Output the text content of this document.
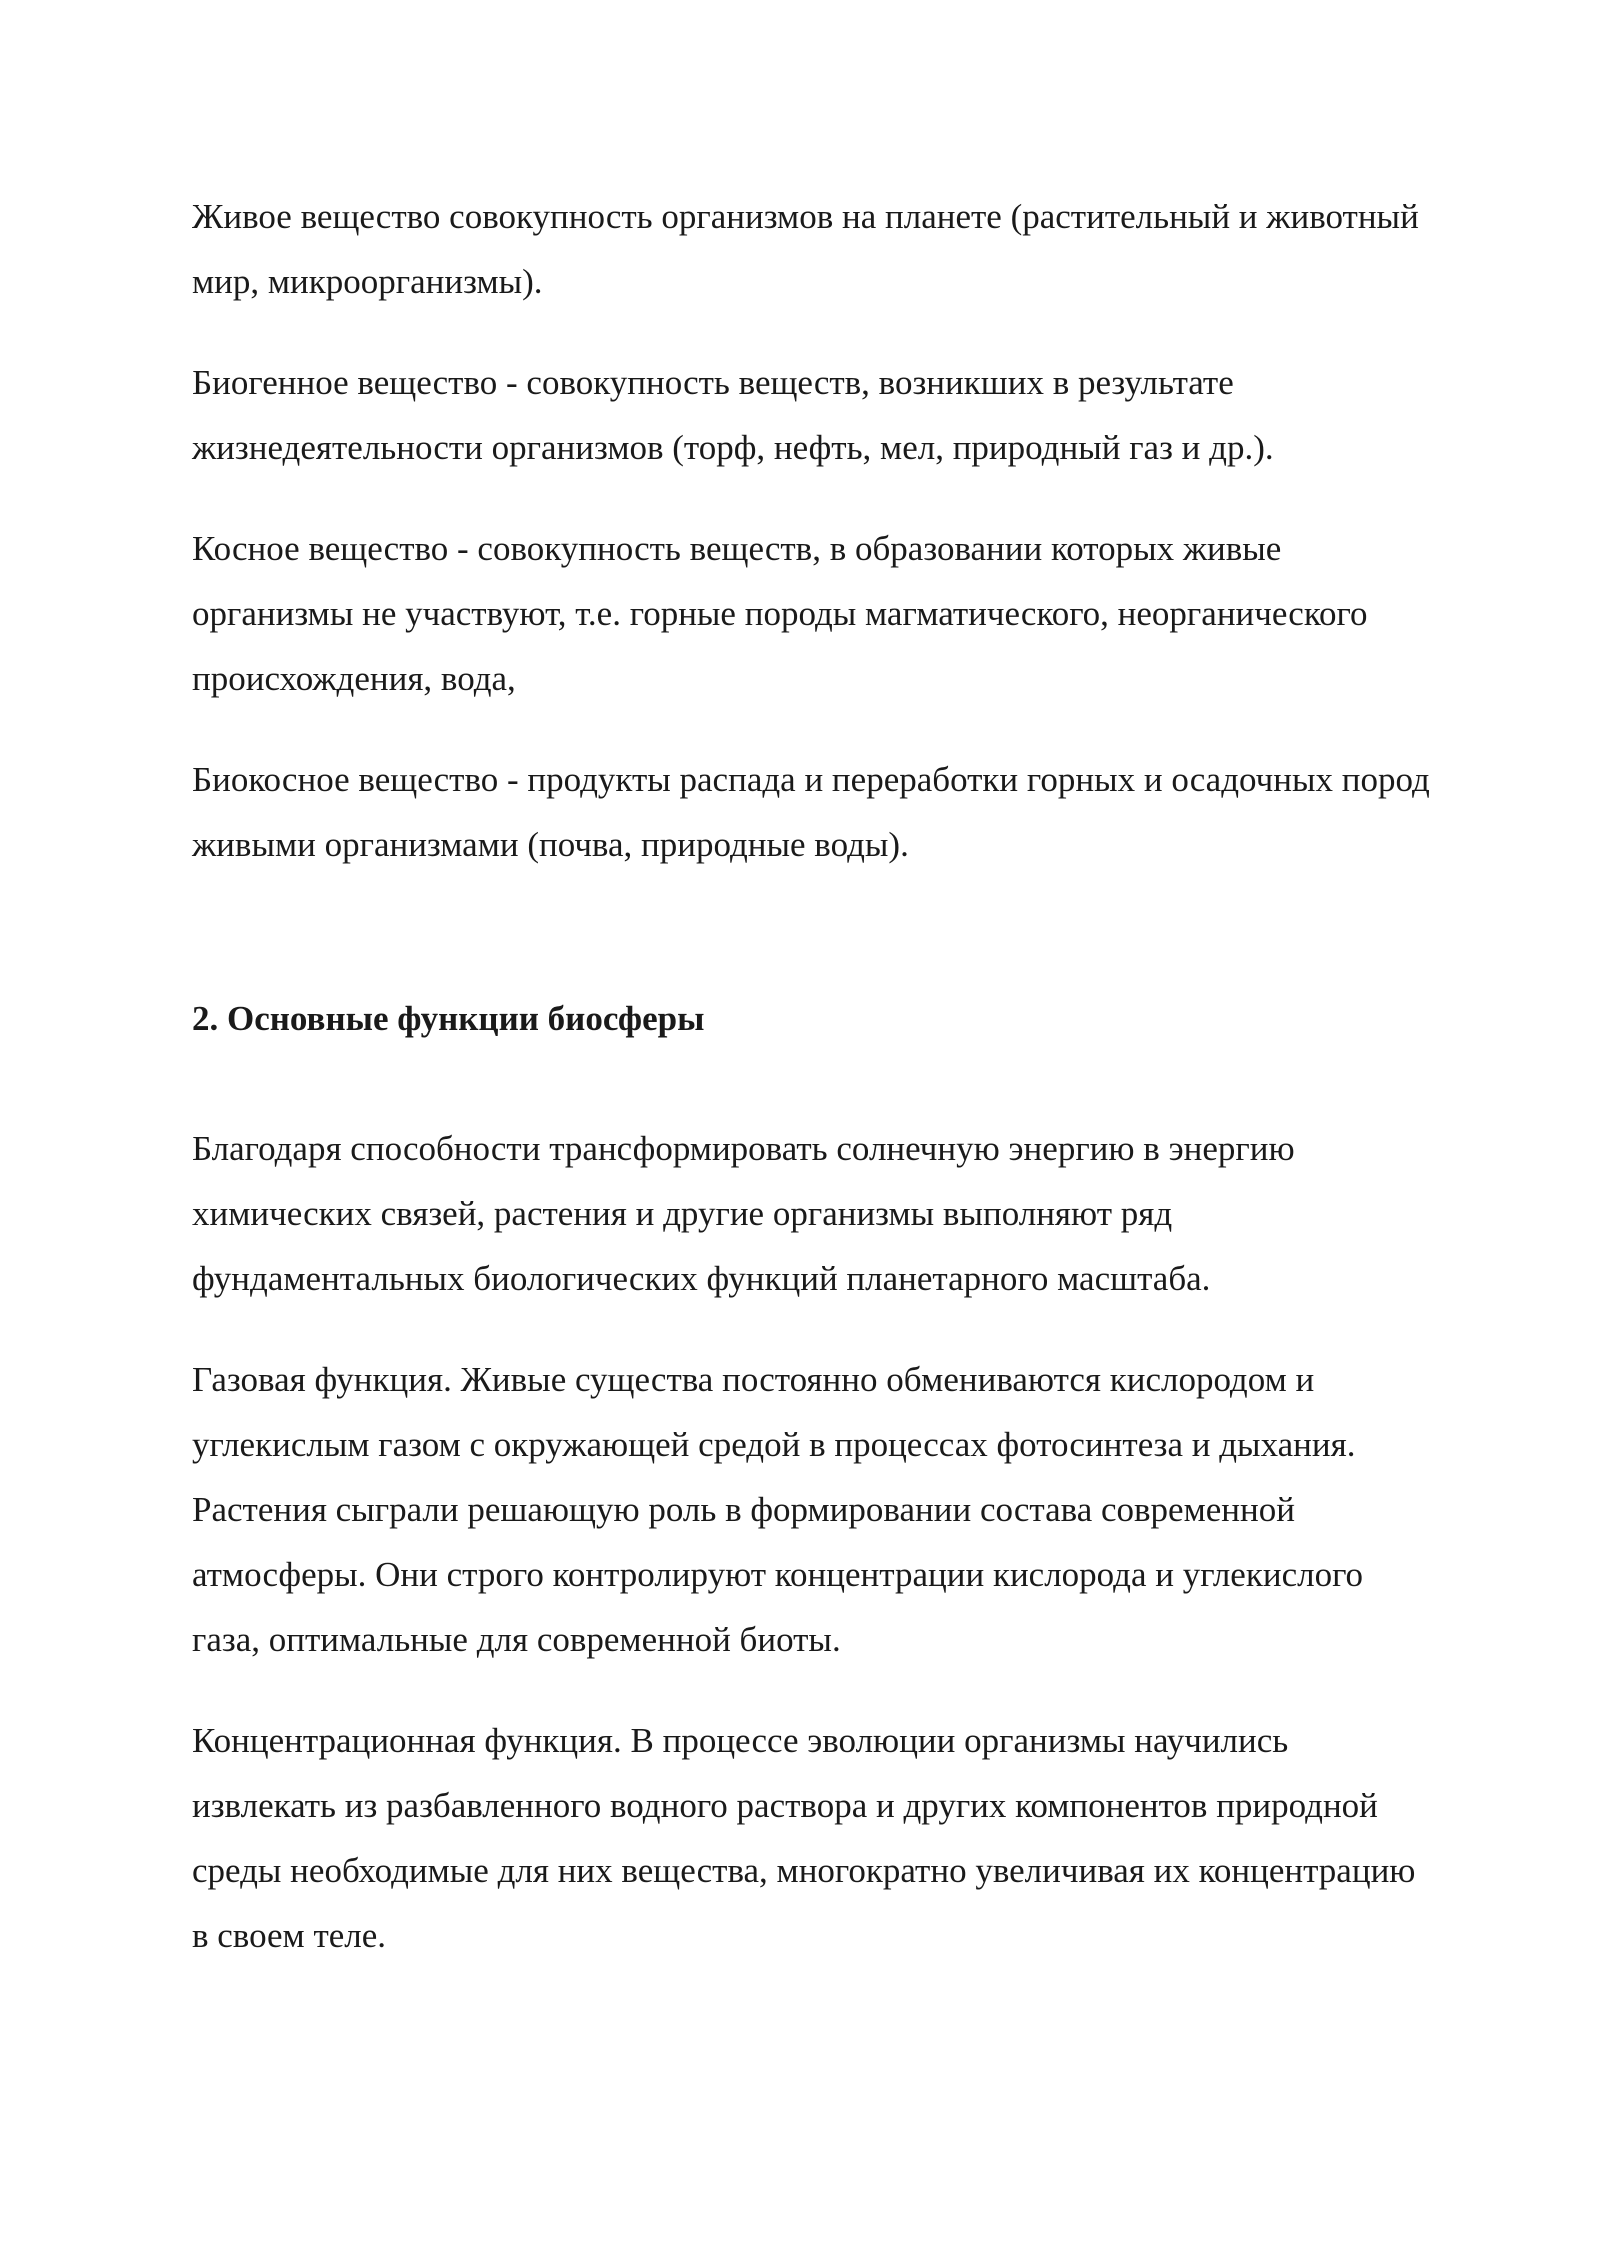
Живое вещество совокупность организмов на планете (растительный и животный мир, микроорганизмы).

Биогенное вещество - совокупность веществ, возникших в результате жизнедеятельности организмов (торф, нефть, мел, природный газ и др.).

Косное вещество - совокупность веществ, в образовании которых живые организмы не участвуют, т.е. горные породы магматического, неорганического происхождения, вода,

Биокосное вещество - продукты распада и переработки горных и осадочных пород живыми организмами (почва, природные воды).

2. Основные функции биосферы

Благодаря способности трансформировать солнечную энергию в энергию химических связей, растения и другие организмы выполняют ряд фундаментальных биологических функций планетарного масштаба.

Газовая функция. Живые существа постоянно обмениваются кислородом и углекислым газом с окружающей средой в процессах фотосинтеза и дыхания. Растения сыграли решающую роль в формировании состава современной атмосферы. Они строго контролируют концентрации кислорода и углекислого газа, оптимальные для современной биоты.

Концентрационная функция. В процессе эволюции организмы научились извлекать из разбавленного водного раствора и других компонентов природной среды необходимые для них вещества, многократно увеличивая их концентрацию в своем теле.
